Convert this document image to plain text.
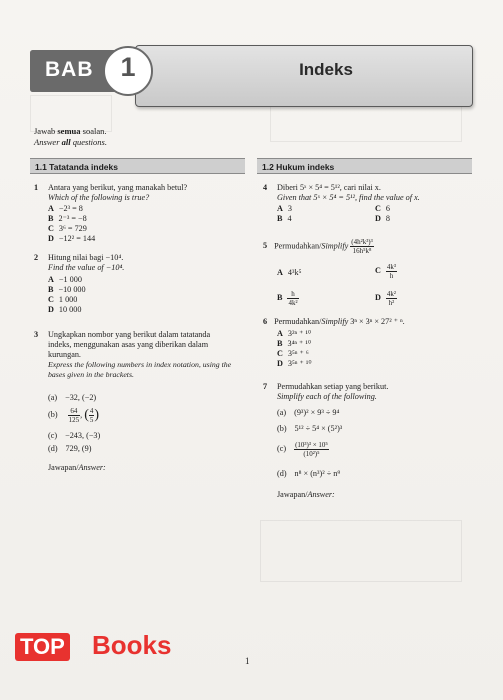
Indeks
BAB 1
Jawab semua soalan.
Answer all questions.
1.1 Tatatanda indeks	1.2 Hukum indeks
1 Antara yang berikut, yang manakah betul?
Which of the following is true?
A −2³ = 8
B 2⁻³ = −8
C 3⁶ = 729
D −12² = 144
2 Hitung nilai bagi −10⁴.
Find the value of −10⁴.
A −1 000
B −10 000
C 1 000
D 10 000
3 Ungkapkan nombor yang berikut dalam tatatanda
indeks, menggunakan asas yang diberikan dalam
kurungan.
Express the following numbers in index notation, using the
bases given in the brackets.
(a) −32, (−2)
$(b) \frac{64}{125}$ , ( $\frac{4}{5}$ )
(c) −243, (−3)
(d) 729, (9)
Jawapan/Answer:
4 Diberi 5ˣ × 5⁴ = 5¹², cari nilai x.
Given that 5ˣ × 5⁴ = 5¹², find the value of x.
A 3
B 4
C 6
D 8
5 Permudahkan/Simplify $\frac{\text{(4h²k³)³}}{\text{16h⁵k⁸}}$
A 4³k⁵
B $\frac{h}{\text{4k²}}$
C $\frac{\text{4k³}}{h}$
D $\frac{\text{4k²}}{\text{h²}}$
6 Permudahkan/Simplify 3ⁿ × 3ⁿ × 27² ⁺ ⁿ.
A 3²ⁿ ⁺ ¹⁰
B 3⁴ⁿ ⁺ ¹⁰
C 3⁵ⁿ ⁺ ⁶
D 3⁵ⁿ ⁺ ¹⁰
7 Permudahkan setiap yang berikut.
Simplify each of the following.
(a) (9³)² × 9³ ÷ 9⁴
(b) 5¹² ÷ 5⁴ × (5²)³
$(c) \frac{\text{(10³)³ × 10⁵}}{\text{(10²)⁵}}$
(d) n⁸ × (n³)² ÷ n⁹
Jawapan/Answer:
TOP Books
1
